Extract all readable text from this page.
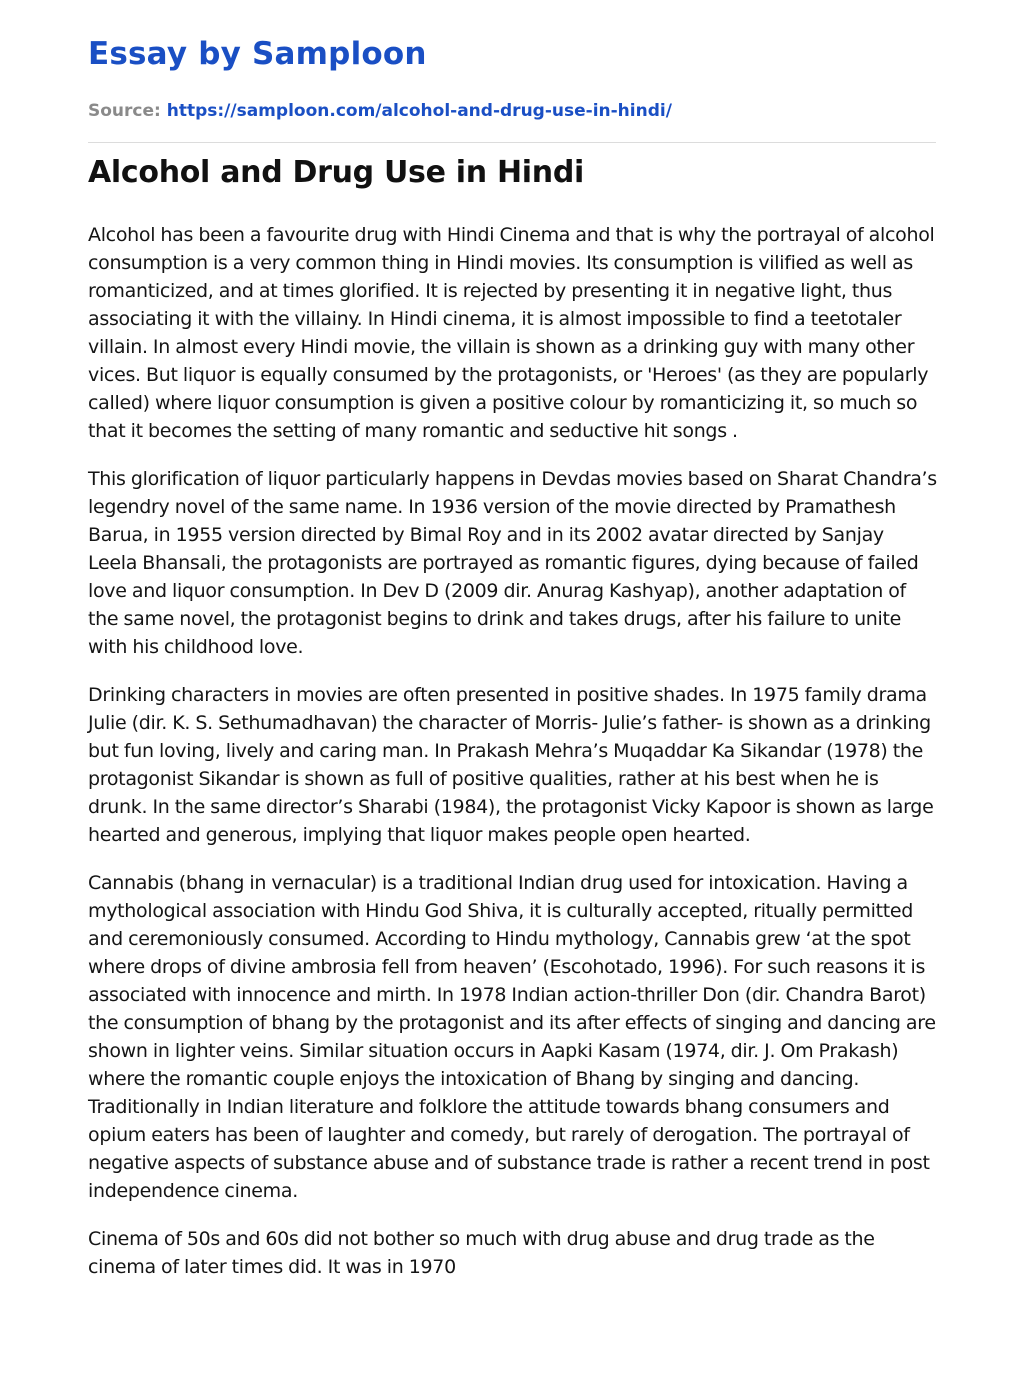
Essay by Samploon

Source: https://samploon.com/alcohol-and-drug-use-in-hindi/

Alcohol and Drug Use in Hindi

Alcohol has been a favourite drug with Hindi Cinema and that is why the portrayal of alcohol consumption is a very common thing in Hindi movies. Its consumption is vilified as well as romanticized, and at times glorified. It is rejected by presenting it in negative light, thus associating it with the villainy. In Hindi cinema, it is almost impossible to find a teetotaler villain. In almost every Hindi movie, the villain is shown as a drinking guy with many other vices. But liquor is equally consumed by the protagonists, or 'Heroes' (as they are popularly called) where liquor consumption is given a positive colour by romanticizing it, so much so that it becomes the setting of many romantic and seductive hit songs .

This glorification of liquor particularly happens in Devdas movies based on Sharat Chandra’s legendry novel of the same name. In 1936 version of the movie directed by Pramathesh Barua, in 1955 version directed by Bimal Roy and in its 2002 avatar directed by Sanjay Leela Bhansali, the protagonists are portrayed as romantic figures, dying because of failed love and liquor consumption. In Dev D (2009 dir. Anurag Kashyap), another adaptation of the same novel, the protagonist begins to drink and takes drugs, after his failure to unite with his childhood love.

Drinking characters in movies are often presented in positive shades. In 1975 family drama Julie (dir. K. S. Sethumadhavan) the character of Morris- Julie’s father- is shown as a drinking but fun loving, lively and caring man. In Prakash Mehra’s Muqaddar Ka Sikandar (1978) the protagonist Sikandar is shown as full of positive qualities, rather at his best when he is drunk. In the same director’s Sharabi (1984), the protagonist Vicky Kapoor is shown as large hearted and generous, implying that liquor makes people open hearted.

Cannabis (bhang in vernacular) is a traditional Indian drug used for intoxication. Having a mythological association with Hindu God Shiva, it is culturally accepted, ritually permitted and ceremoniously consumed. According to Hindu mythology, Cannabis grew ‘at the spot where drops of divine ambrosia fell from heaven’ (Escohotado, 1996). For such reasons it is associated with innocence and mirth. In 1978 Indian action-thriller Don (dir. Chandra Barot) the consumption of bhang by the protagonist and its after effects of singing and dancing are shown in lighter veins. Similar situation occurs in Aapki Kasam (1974, dir. J. Om Prakash) where the romantic couple enjoys the intoxication of Bhang by singing and dancing. Traditionally in Indian literature and folklore the attitude towards bhang consumers and opium eaters has been of laughter and comedy, but rarely of derogation. The portrayal of negative aspects of substance abuse and of substance trade is rather a recent trend in post independence cinema.

Cinema of 50s and 60s did not bother so much with drug abuse and drug trade as the cinema of later times did. It was in 1970
